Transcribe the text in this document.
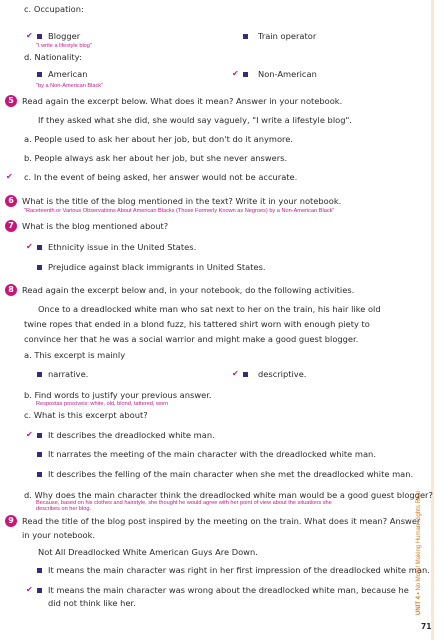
c. Occupation:
✔ Blogger
"I write a lifestyle blog"
Train operator
d. Nationality:
American
"by a Non-American Black"
✔ Non-American
5 Read again the excerpt below. What does it mean? Answer in your notebook.
If they asked what she did, she would say vaguely, "I write a lifestyle blog".
a. People used to ask her about her job, but don't do it anymore.
b. People always ask her about her job, but she never answers.
✔ c. In the event of being asked, her answer would not be accurate.
6 What is the title of the blog mentioned in the text? Write it in your notebook.
"Raceteenth or Various Observations About American Blacks (Those Formerly Known as Negroes) by a Non-American Black"
7 What is the blog mentioned about?
✔ Ethnicity issue in the United States.
Prejudice against black immigrants in United States.
8 Read again the excerpt below and, in your notebook, do the following activities.
Once to a dreadlocked white man who sat next to her on the train, his hair like old
twine ropes that ended in a blond fuzz, his tattered shirt worn with enough piety to
convince her that he was a social warrior and might make a good guest blogger.
a. This excerpt is mainly
narrative.	✔ descriptive.
b. Find words to justify your previous answer.
Respostas possíveis: white, old, blond, tattered, worn
c. What is this excerpt about?
✔ It describes the dreadlocked white man.
It narrates the meeting of the main character with the dreadlocked white man.
It describes the felling of the main character when she met the dreadlocked white man.
d. Why does the main character think the dreadlocked white man would be a good guest blogger?
Because, based on his clothes and hairstyle, she thought he would agree with her point of view about the situations she
describes on her blog.
9 Read the title of the blog post inspired by the meeting on the train. What does it mean? Answer
in your notebook.
Not All Dreadlocked White American Guys Are Down.
It means the main character was right in her first impression of the dreadlocked white man.
✔ It means the main character was wrong about the dreadlocked white man, because he
did not think like her.	UNIT 4 • No More! Making Human Rights Real
71
